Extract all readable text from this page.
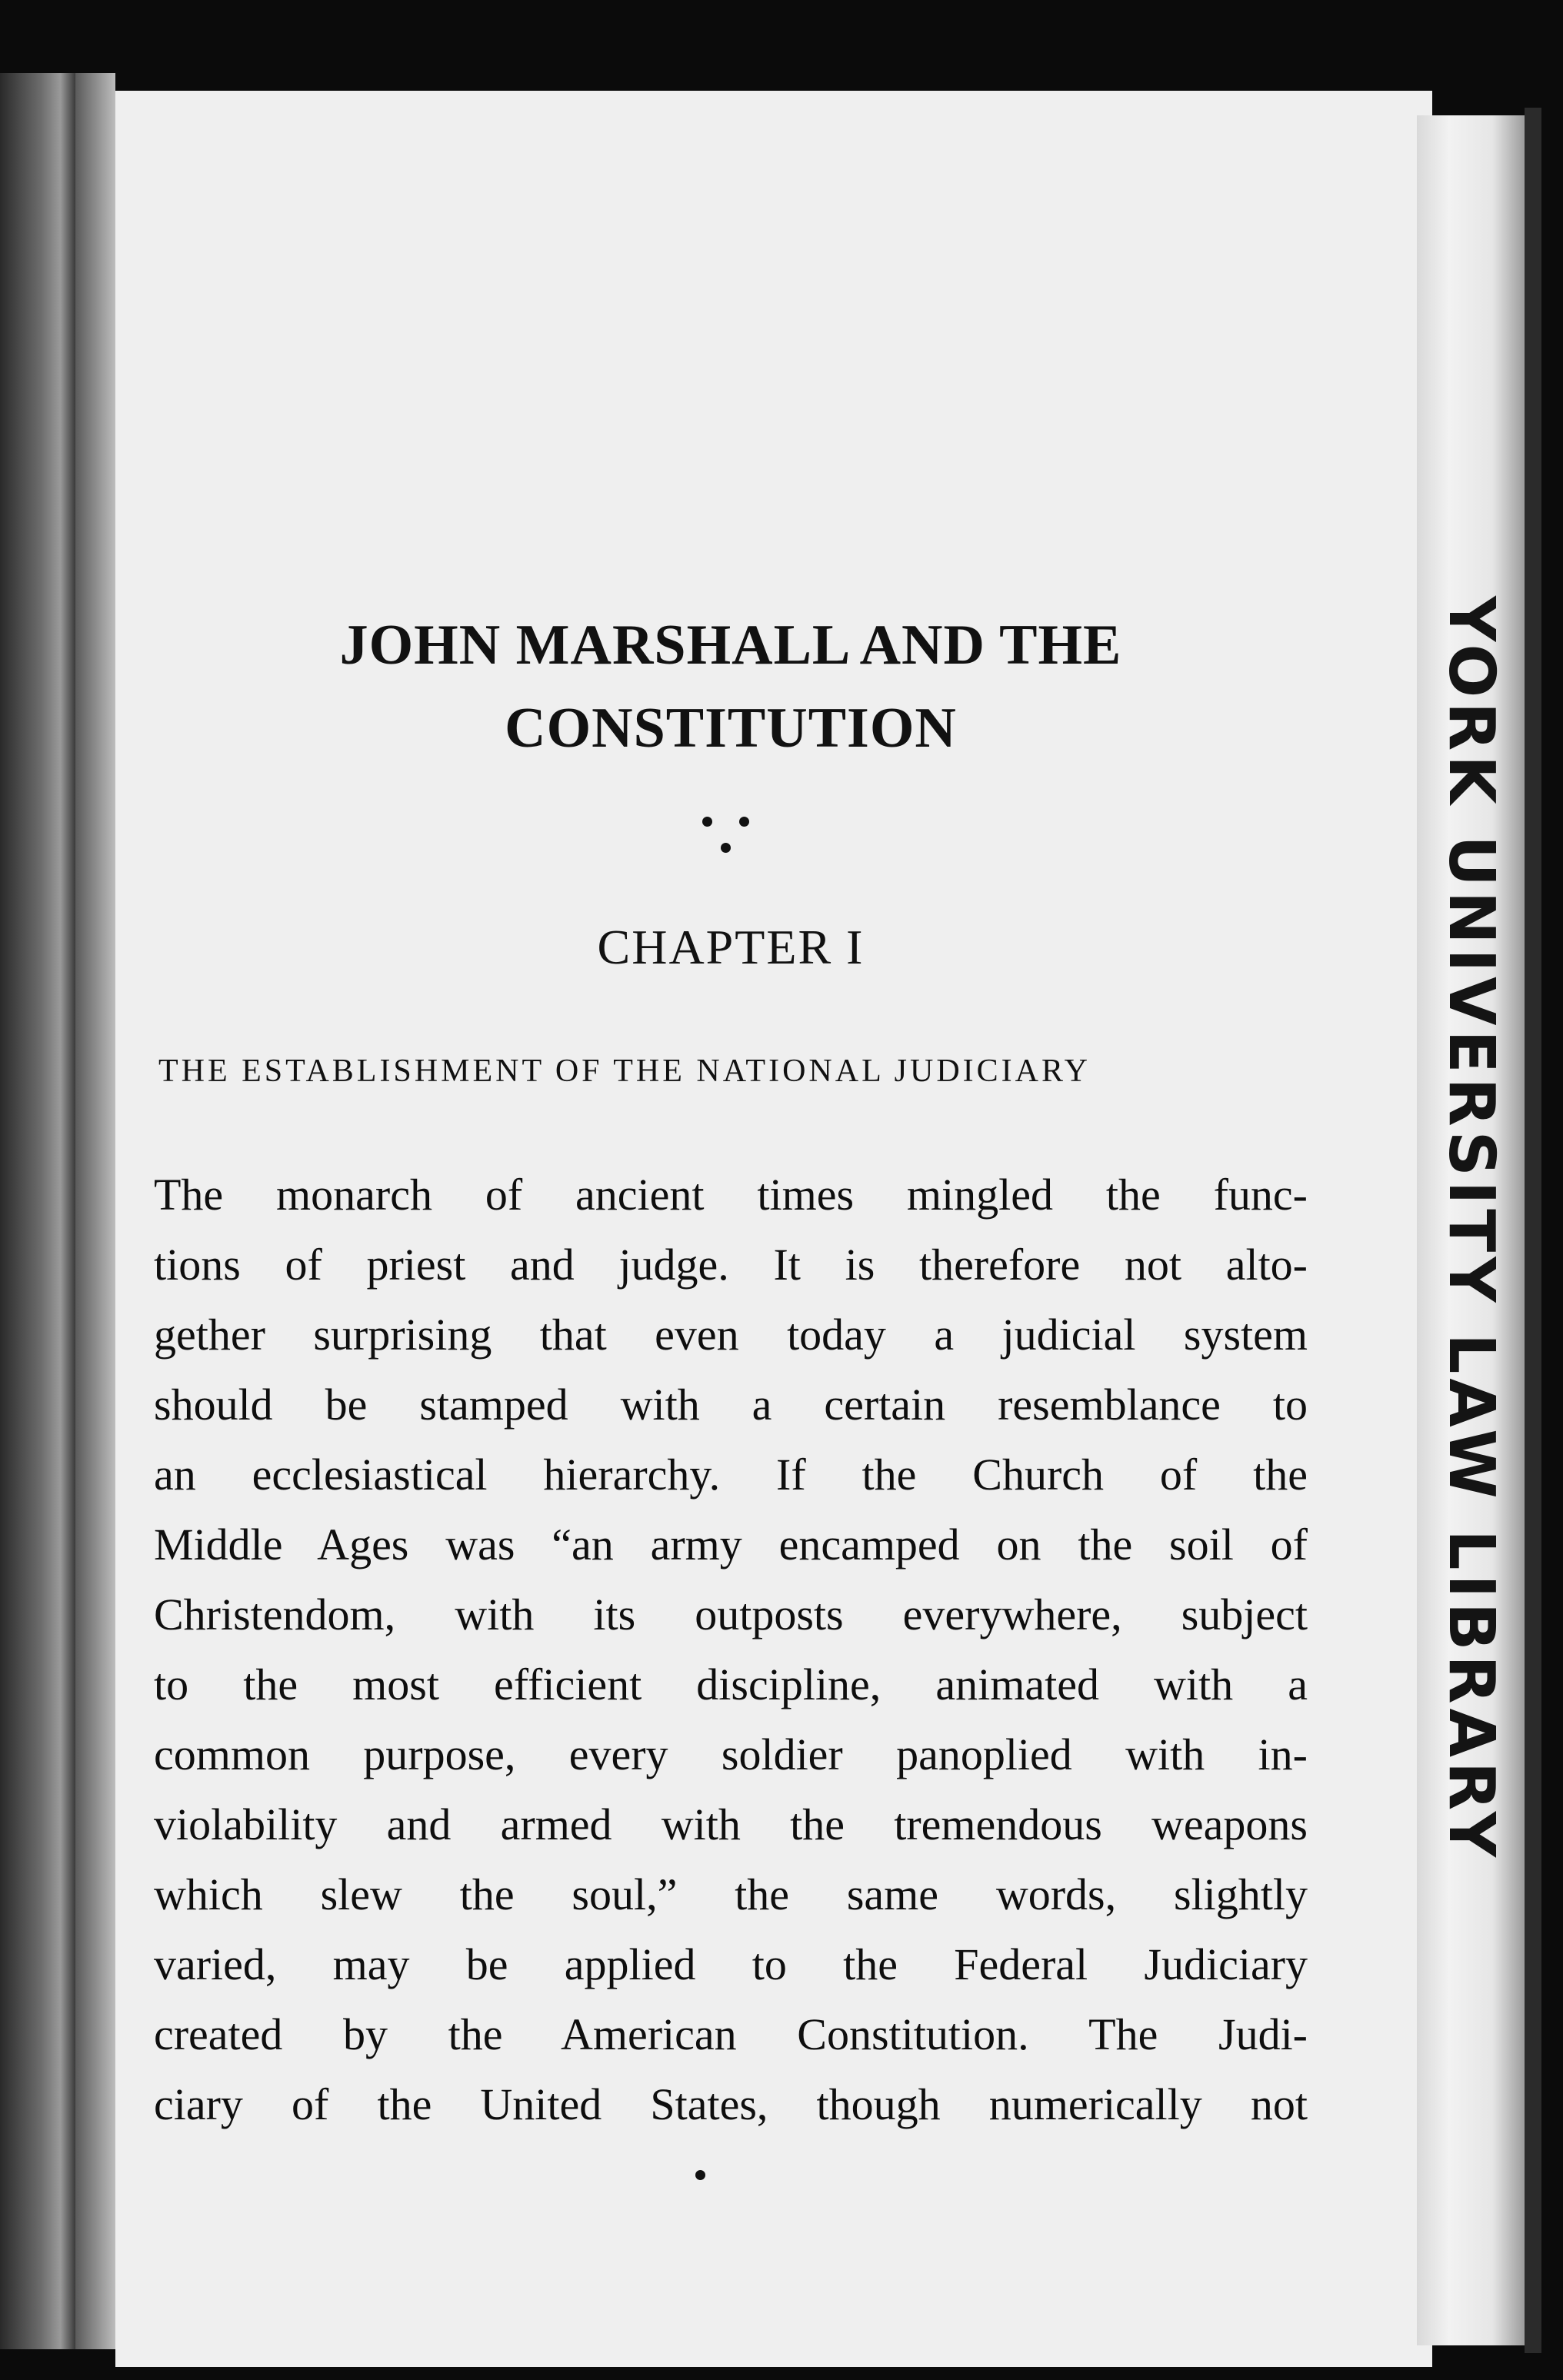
YORK UNIVERSITY LAW LIBRARY
JOHN MARSHALL AND THE
CONSTITUTION
CHAPTER I
THE ESTABLISHMENT OF THE NATIONAL JUDICIARY
The monarch of ancient times mingled the func-
tions of priest and judge. It is therefore not alto-
gether surprising that even today a judicial system
should be stamped with a certain resemblance to
an ecclesiastical hierarchy. If the Church of the
Middle Ages was “an army encamped on the soil of
Christendom, with its outposts everywhere, subject
to the most efficient discipline, animated with a
common purpose, every soldier panoplied with in-
violability and armed with the tremendous weapons
which slew the soul,” the same words, slightly
varied, may be applied to the Federal Judiciary
created by the American Constitution. The Judi-
ciary of the United States, though numerically not
